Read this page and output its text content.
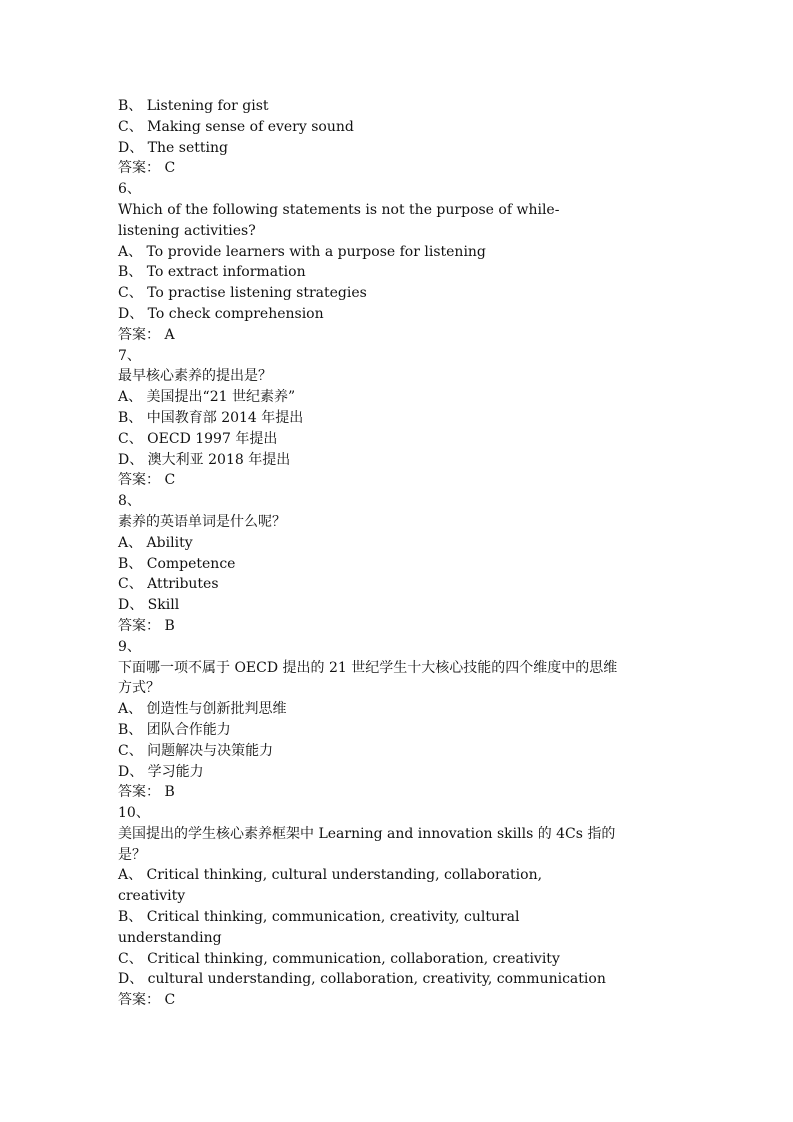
B、 Listening for gist
C、 Making sense of every sound
D、 The setting
答案： C
6、
Which of the following statements is not the purpose of while-
listening activities?
A、 To provide learners with a purpose for listening
B、 To extract information
C、 To practise listening strategies
D、 To check comprehension
答案： A
7、
最早核心素养的提出是？
A、 美国提出“21 世纪素养”
B、 中国教育部 2014 年提出
C、 OECD 1997 年提出
D、 澳大利亚 2018 年提出
答案： C
8、
素养的英语单词是什么呢？
A、 Ability
B、 Competence
C、 Attributes
D、 Skill
答案： B
9、
下面哪一项不属于 OECD 提出的 21 世纪学生十大核心技能的四个维度中的思维
方式？
A、 创造性与创新批判思维
B、 团队合作能力
C、 问题解决与决策能力
D、 学习能力
答案： B
10、
美国提出的学生核心素养框架中 Learning and innovation skills 的 4Cs 指的
是？
A、 Critical thinking, cultural understanding, collaboration,
creativity
B、 Critical thinking, communication, creativity, cultural
understanding
C、 Critical thinking, communication, collaboration, creativity
D、 cultural understanding, collaboration, creativity, communication
答案： C
